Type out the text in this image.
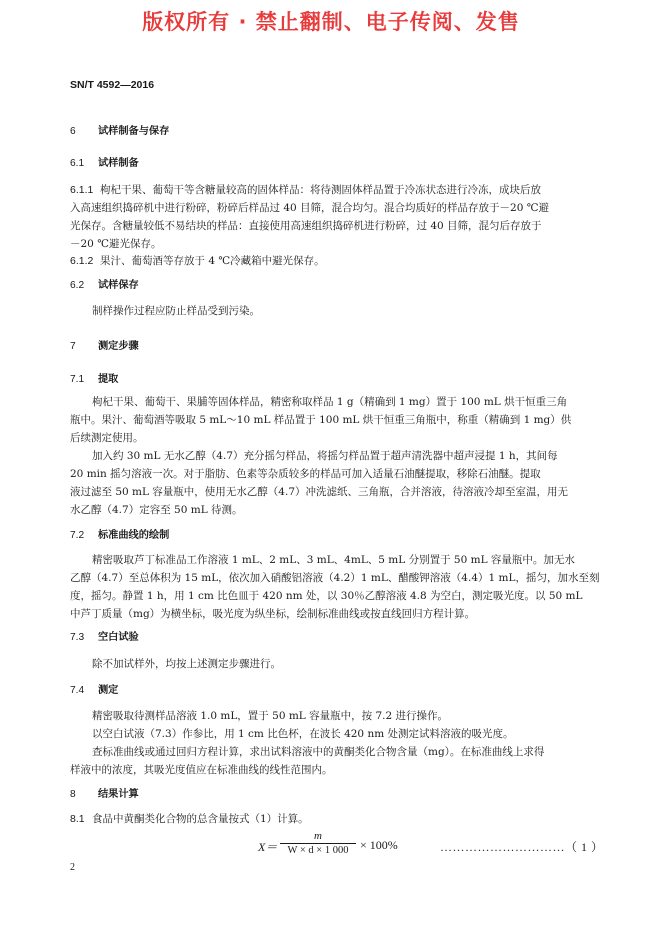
版权所有 · 禁止翻制、电子传阅、发售
SN/T 4592—2016
6 试样制备与保存
6.1 试样制备
6.1.1 枸杞干果、葡萄干等含糖量较高的固体样品：将待测固体样品置于冷冻状态进行冷冻，成块后放
入高速组织捣碎机中进行粉碎，粉碎后样品过 40 目筛，混合均匀。混合均质好的样品存放于－20 ℃避
光保存。含糖量较低不易结块的样品：直接使用高速组织捣碎机进行粉碎，过 40 目筛，混匀后存放于
－20 ℃避光保存。
6.1.2 果汁、葡萄酒等存放于 4 ℃冷藏箱中避光保存。
6.2 试样保存
制样操作过程应防止样品受到污染。
7 测定步骤
7.1 提取
枸杞干果、葡萄干、果脯等固体样品，精密称取样品 1 g（精确到 1 mg）置于 100 mL 烘干恒重三角
瓶中。果汁、葡萄酒等吸取 5 mL～10 mL 样品置于 100 mL 烘干恒重三角瓶中，称重（精确到 1 mg）供
后续测定使用。
加入约 30 mL 无水乙醇（4.7）充分摇匀样品，将摇匀样品置于超声清洗器中超声浸提 1 h，其间每
20 min 摇匀溶液一次。对于脂肪、色素等杂质较多的样品可加入适量石油醚提取，移除石油醚。提取
液过滤至 50 mL 容量瓶中，使用无水乙醇（4.7）冲洗滤纸、三角瓶，合并溶液，待溶液冷却至室温，用无
水乙醇（4.7）定容至 50 mL 待测。
7.2 标准曲线的绘制
精密吸取芦丁标准品工作溶液 1 mL、2 mL、3 mL、4mL、5 mL 分别置于 50 mL 容量瓶中。加无水
乙醇（4.7）至总体积为 15 mL，依次加入硝酸铝溶液（4.2）1 mL、醋酸钾溶液（4.4）1 mL，摇匀，加水至刻
度，摇匀。静置 1 h，用 1 cm 比色皿于 420 nm 处，以 30％乙醇溶液 4.8 为空白，测定吸光度。以 50 mL
中芦丁质量（mg）为横坐标，吸光度为纵坐标，绘制标准曲线或按直线回归方程计算。
7.3 空白试验
除不加试样外，均按上述测定步骤进行。
7.4 测定
精密吸取待测样品溶液 1.0 mL，置于 50 mL 容量瓶中，按 7.2 进行操作。
以空白试液（7.3）作参比，用 1 cm 比色杯，在波长 420 nm 处测定试料溶液的吸光度。
查标准曲线或通过回归方程计算，求出试料溶液中的黄酮类化合物含量（mg）。在标准曲线上求得
样液中的浓度，其吸光度值应在标准曲线的线性范围内。
8 结果计算
8.1 食品中黄酮类化合物的总含量按式（1）计算。
X＝
m
W × d × 1 000 × 100%	…………………………（ 1 ）
2
